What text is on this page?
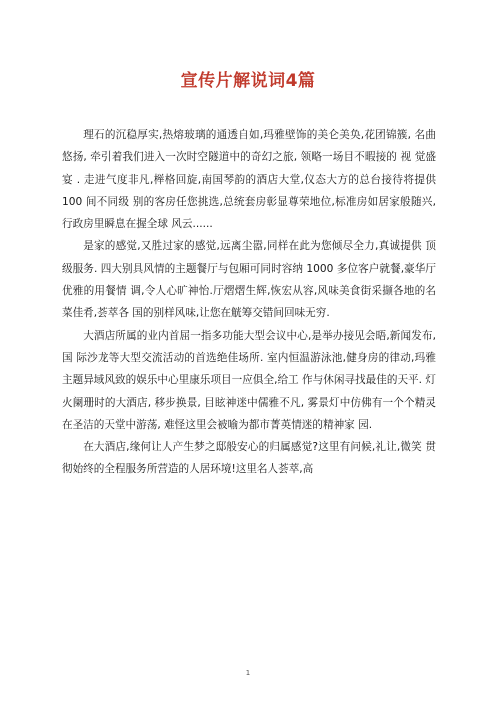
宣传片解说词4篇

理石的沉稳厚实,热熔玻璃的通透自如,玛雅壁饰的美仑美奂,花团锦簇, 名曲悠扬, 牵引着我们进入一次时空隧道中的奇幻之旅, 领略一场目不暇接的 视 觉盛宴 . 走进气度非凡,榉格回旋,南国琴韵的酒店大堂,仪态大方的总台接待将提供 100 间不同级 别的客房任您挑选,总统套房彰显尊荣地位,标准房如居家般随兴,行政房里瞬息在握全球 风云......

是家的感觉,又胜过家的感觉,远离尘嚣,同样在此为您倾尽全力,真诚提供 顶级服务. 四大别具风情的主题餐厅与包厢可同时容纳 1000 多位客户就餐,豪华厅优雅的用餐情 调,令人心旷神怡.厅熠熠生辉,恢宏从容,风味美食街采撷各地的名菜佳肴,荟萃各 国的别样风味,让您在觥筹交错间回味无穷.

大酒店所属的业内首屈一指多功能大型会议中心,是举办接见会晤,新闻发布,国 际沙龙等大型交流活动的首选绝佳场所. 室内恒温游泳池,健身房的律动,玛雅主题异域风致的娱乐中心里康乐项目一应俱全,给工 作与休闲寻找最佳的天平. 灯火阑珊时的大酒店, 移步换景, 目眩神迷中儒雅不凡, 雾景灯中仿佛有一个个精灵在圣洁的天堂中游荡, 难怪这里会被喻为都市菁英情迷的精神家 园.

在大酒店,缘何让人产生梦之邸般安心的归属感觉?这里有问候,礼让,微笑 贯彻始终的全程服务所营造的人居环境!这里名人荟萃,高

1
